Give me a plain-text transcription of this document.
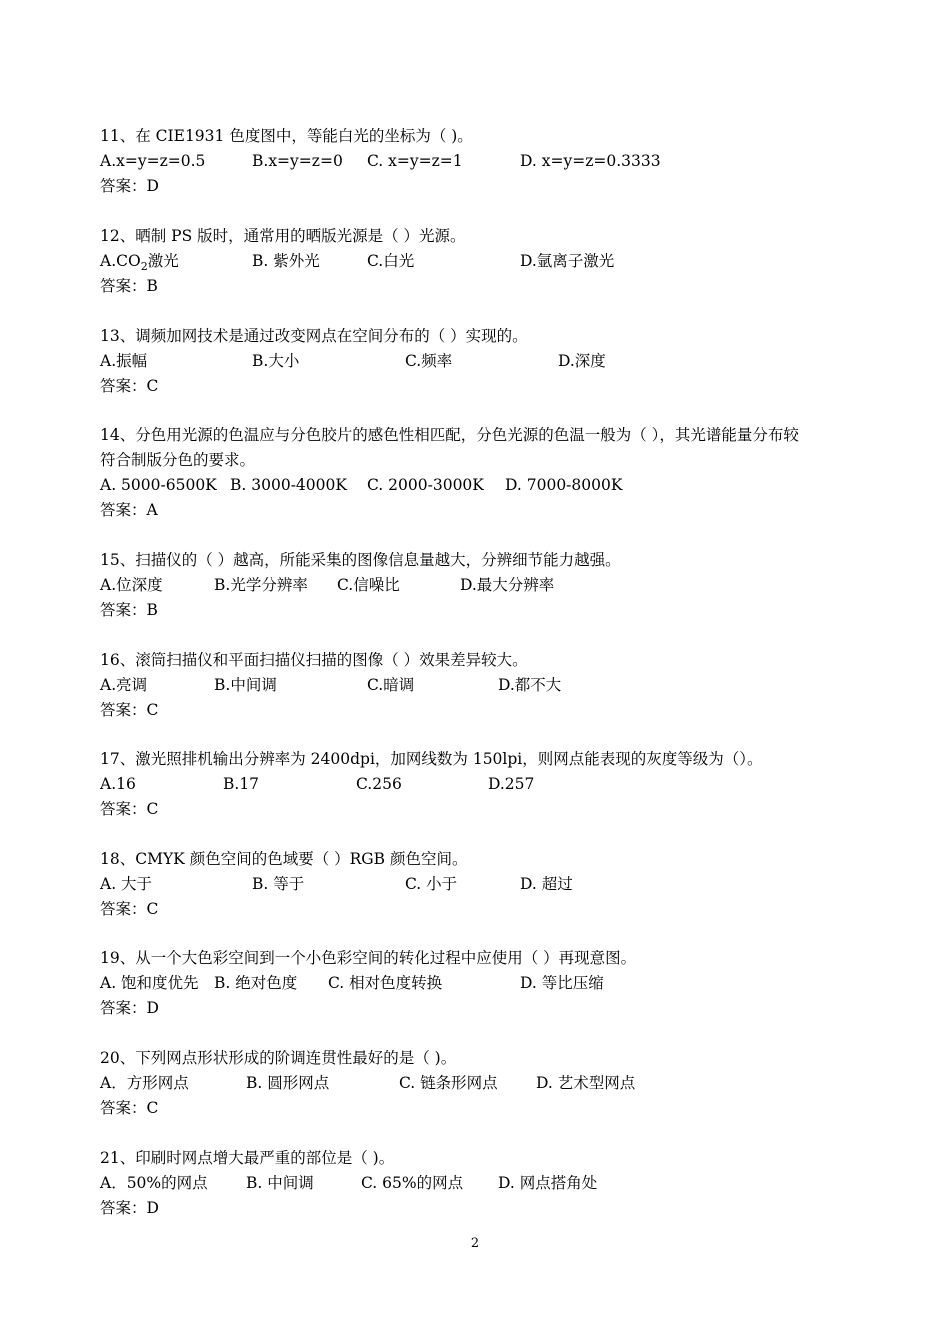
11、在 CIE1931 色度图中，等能白光的坐标为（ )。
A.x=y=z=0.5	B.x=y=z=0 C. x=y=z=1	D. x=y=z=0.3333
答案：D
12、晒制 PS 版时，通常用的晒版光源是（ ）光源。
$A.CO_2$激光	B. 紫外光	C.白光	D.氩离子激光
答案：B
13、调频加网技术是通过改变网点在空间分布的（ ）实现的。
A.振幅	B.大小	C.频率	D.深度
答案：C
14、分色用光源的色温应与分色胶片的感色性相匹配，分色光源的色温一般为（ ），其光谱能量分布较
符合制版分色的要求。
A. 5000-6500K B. 3000-4000K C. 2000-3000K D. 7000-8000K
答案：A
15、扫描仪的（ ）越高，所能采集的图像信息量越大，分辨细节能力越强。
A.位深度	B.光学分辨率 C.信噪比	D.最大分辨率
答案：B
16、滚筒扫描仪和平面扫描仪扫描的图像（ ）效果差异较大。
A.亮调	B.中间调	C.暗调	D.都不大
答案：C
17、激光照排机输出分辨率为 2400dpi，加网线数为 150lpi，则网点能表现的灰度等级为（）。
A.16	B.17	C.256	D.257
答案：C
18、CMYK 颜色空间的色域要（ ）RGB 颜色空间。
A. 大于	B. 等于	C. 小于	D. 超过
答案：C
19、从一个大色彩空间到一个小色彩空间的转化过程中应使用（ ）再现意图。
A. 饱和度优先 B. 绝对色度 C. 相对色度转换	D. 等比压缩
答案：D
20、下列网点形状形成的阶调连贯性最好的是（ )。
A．方形网点	B. 圆形网点	C. 链条形网点 D. 艺术型网点
答案：C
21、印刷时网点增大最严重的部位是（ )。
A．50%的网点 B. 中间调	C. 65%的网点 D. 网点搭角处
答案：D
2
